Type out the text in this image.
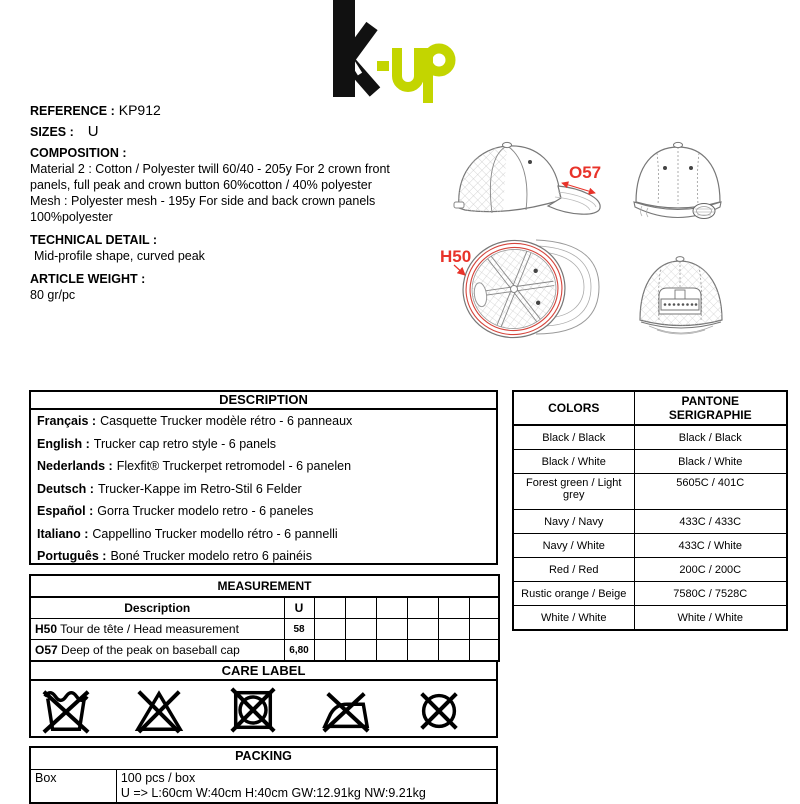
REFERENCE : KP912
SIZES : U
COMPOSITION :

Material 2 : Cotton / Polyester twill 60/40 - 205y For 2 crown front panels, full peak and crown button 60%cotton / 40% polyester

Mesh : Polyester mesh - 195y For side and back crown panels 100%polyester

TECHNICAL DETAIL :

Mid-profile shape, curved peak

ARTICLE WEIGHT :

80 gr/pc

O57
H50
DESCRIPTION
Français : Casquette Trucker modèle rétro - 6 panneaux
English : Trucker cap retro style - 6 panels
Nederlands : Flexfit® Truckerpet retromodel - 6 panelen
Deutsch : Trucker-Kappe im Retro-Stil 6 Felder
Español : Gorra Trucker modelo retro - 6 paneles
Italiano : Cappellino Trucker modello rétro - 6 pannelli
Português : Boné Trucker modelo retro 6 painéis
COLORS	PANTONE SERIGRAPHIE
Black / Black	Black / Black
Black / White	Black / White
Forest green / Light grey	5605C / 401C
Navy / Navy	433C / 433C
Navy / White	433C / White
Red / Red	200C / 200C
Rustic orange / Beige	7580C / 7528C
White / White	White / White
MEASUREMENT							
Description	U						
H50 Tour de tête / Head measurement	58						
O57 Deep of the peak on baseball cap	6,80						
CARE LABEL
PACKING
Box	100 pcs / box
U => L:60cm W:40cm H:40cm GW:12.91kg NW:9.21kg
